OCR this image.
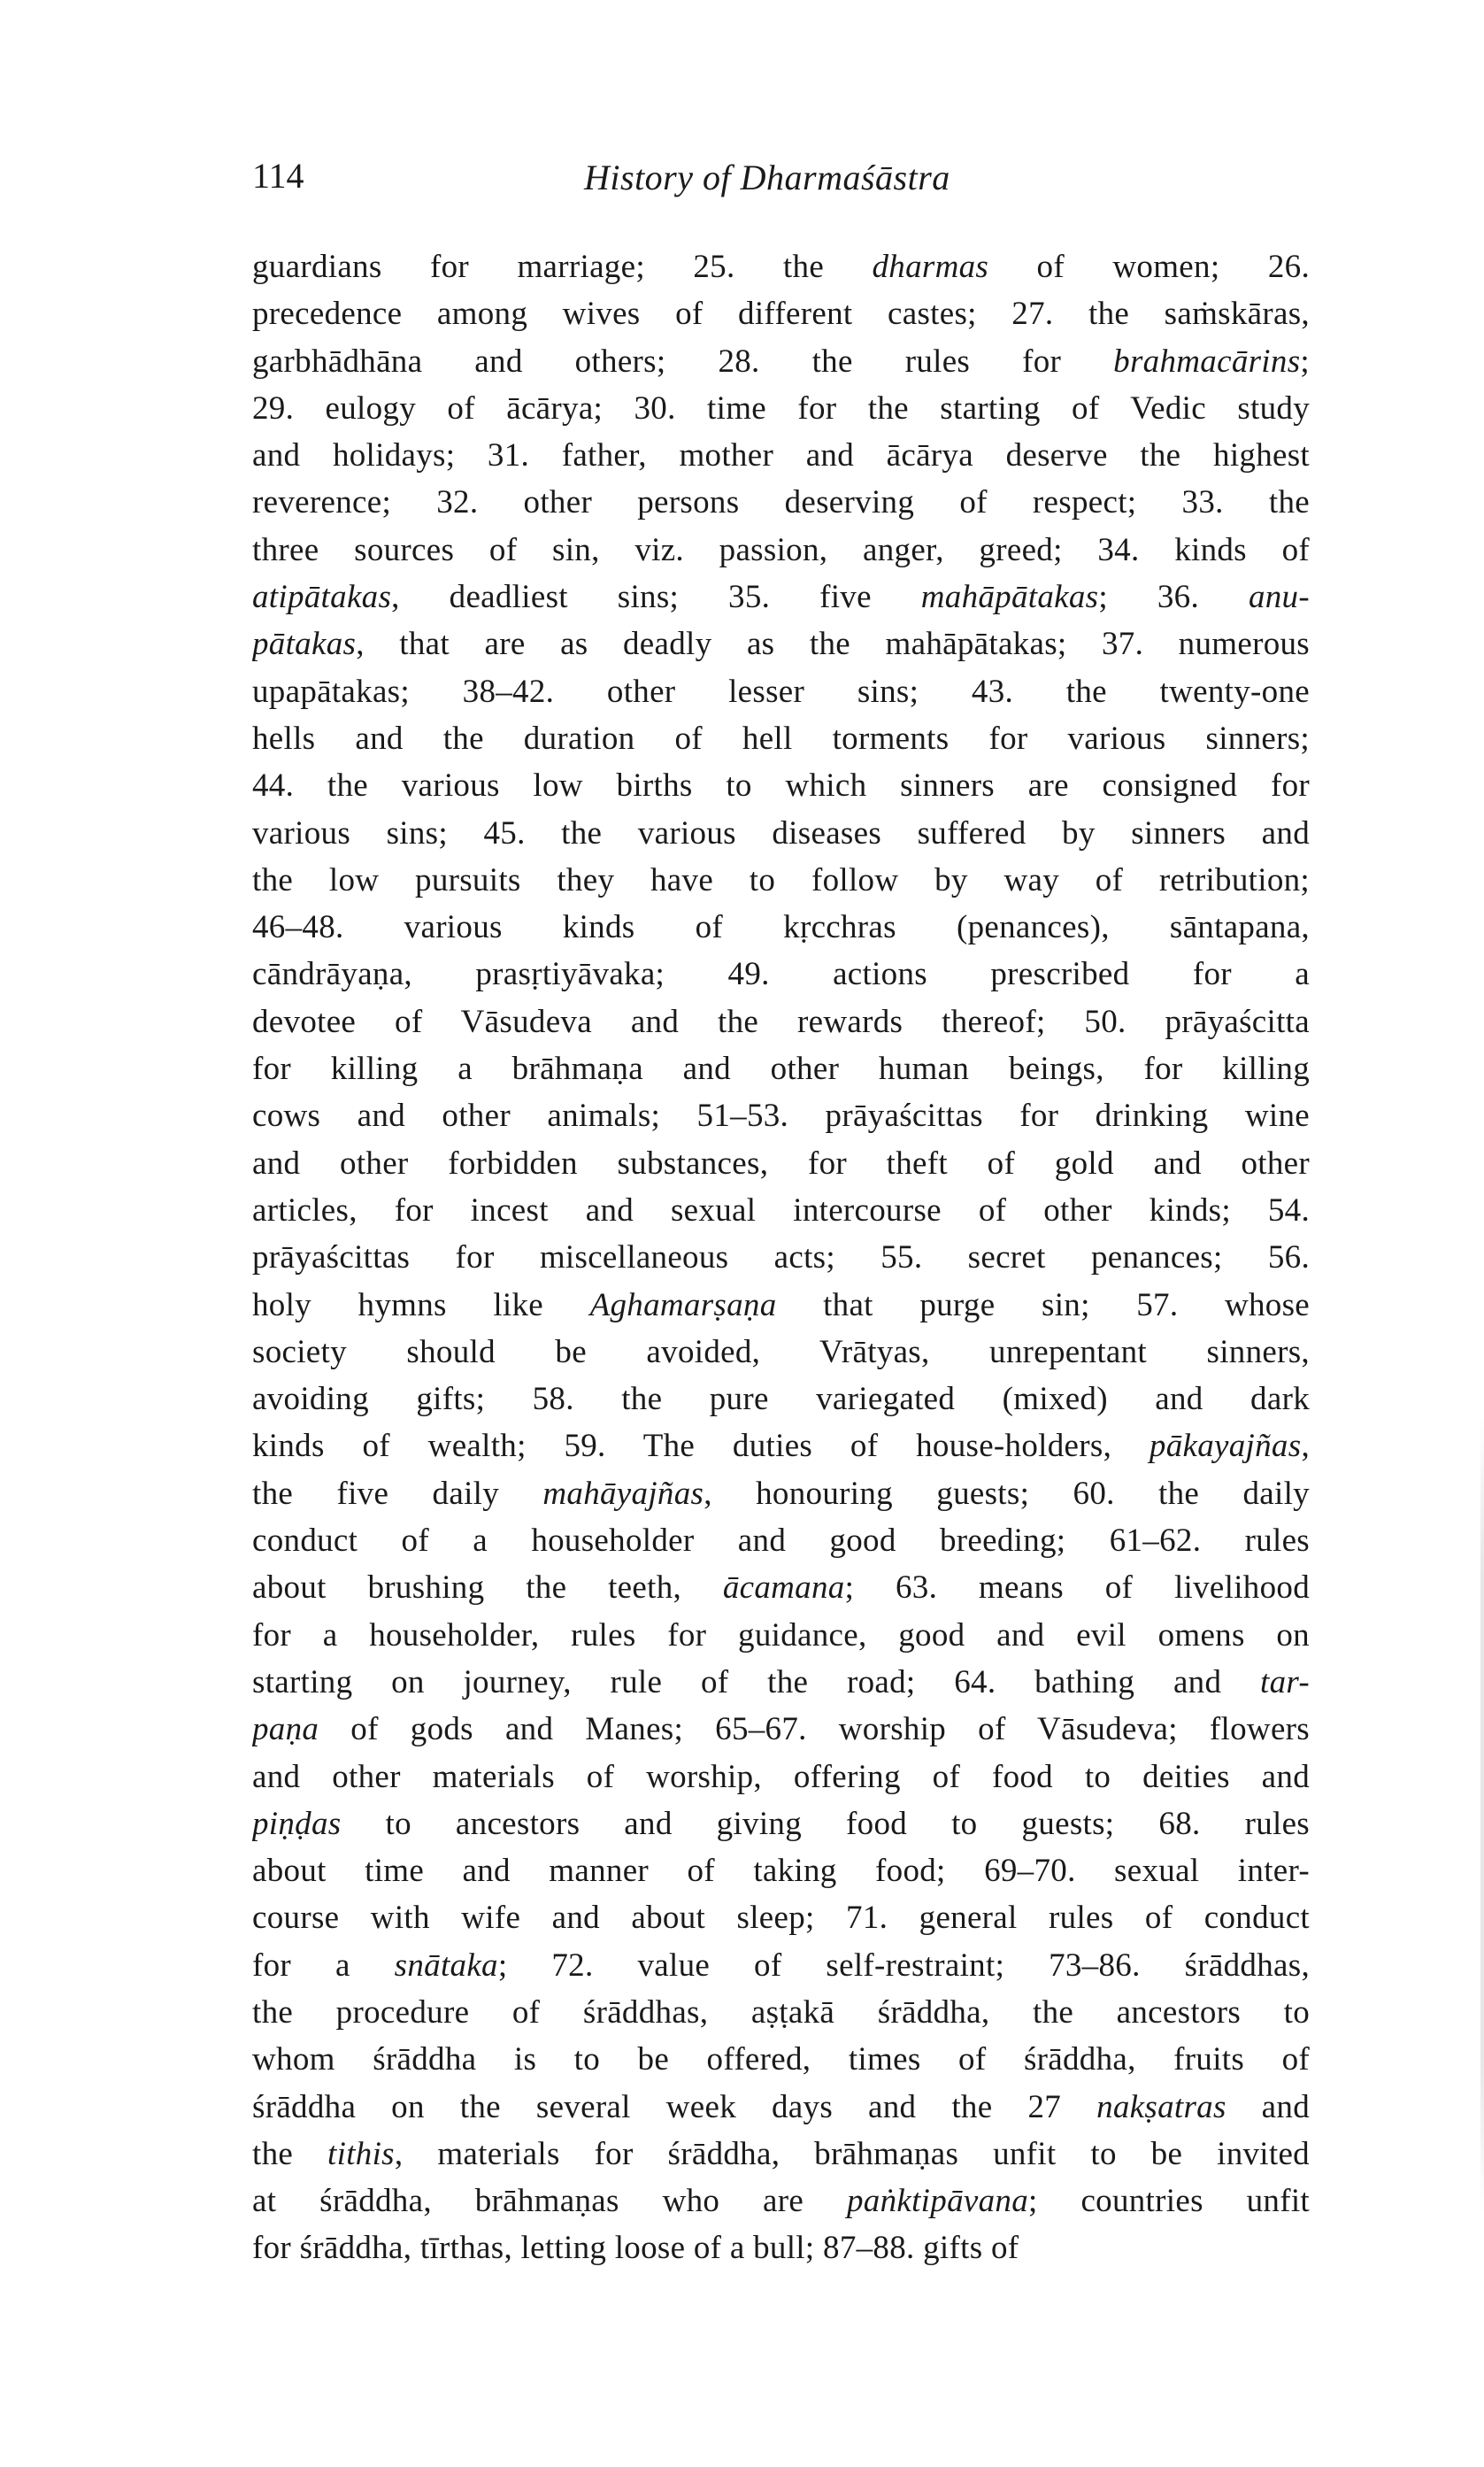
114	History of Dharmaśāstra
guardians for marriage; 25. the dharmas of women; 26.
precedence among wives of different castes; 27. the saṁskāras,
garbhādhāna and others; 28. the rules for brahmacārins;
29. eulogy of ācārya; 30. time for the starting of Vedic study
and holidays; 31. father, mother and ācārya deserve the highest
reverence; 32. other persons deserving of respect; 33. the
three sources of sin, viz. passion, anger, greed; 34. kinds of
atipātakas, deadliest sins; 35. five mahāpātakas; 36. anu-
pātakas, that are as deadly as the mahāpātakas; 37. numerous
upapātakas; 38–42. other lesser sins; 43. the twenty-one
hells and the duration of hell torments for various sinners;
44. the various low births to which sinners are consigned for
various sins; 45. the various diseases suffered by sinners and
the low pursuits they have to follow by way of retribution;
46–48. various kinds of kṛcchras (penances), sāntapana,
cāndrāyaṇa, prasṛtiyāvaka; 49. actions prescribed for a
devotee of Vāsudeva and the rewards thereof; 50. prāyaścitta
for killing a brāhmaṇa and other human beings, for killing
cows and other animals; 51–53. prāyaścittas for drinking wine
and other forbidden substances, for theft of gold and other
articles, for incest and sexual intercourse of other kinds; 54.
prāyaścittas for miscellaneous acts; 55. secret penances; 56.
holy hymns like Aghamarṣaṇa that purge sin; 57. whose
society should be avoided, Vrātyas, unrepentant sinners,
avoiding gifts; 58. the pure variegated (mixed) and dark
kinds of wealth; 59. The duties of house-holders, pākayajñas,
the five daily mahāyajñas, honouring guests; 60. the daily
conduct of a householder and good breeding; 61–62. rules
about brushing the teeth, ācamana; 63. means of livelihood
for a householder, rules for guidance, good and evil omens on
starting on journey, rule of the road; 64. bathing and tar-
paṇa of gods and Manes; 65–67. worship of Vāsudeva; flowers
and other materials of worship, offering of food to deities and
piṇḍas to ancestors and giving food to guests; 68. rules
about time and manner of taking food; 69–70. sexual inter-
course with wife and about sleep; 71. general rules of conduct
for a snātaka; 72. value of self-restraint; 73–86. śrāddhas,
the procedure of śrāddhas, aṣṭakā śrāddha, the ancestors to
whom śrāddha is to be offered, times of śrāddha, fruits of
śrāddha on the several week days and the 27 nakṣatras and
the tithis, materials for śrāddha, brāhmaṇas unfit to be invited
at śrāddha, brāhmaṇas who are paṅktipāvana; countries unfit
for śrāddha, tīrthas, letting loose of a bull; 87–88. gifts of
